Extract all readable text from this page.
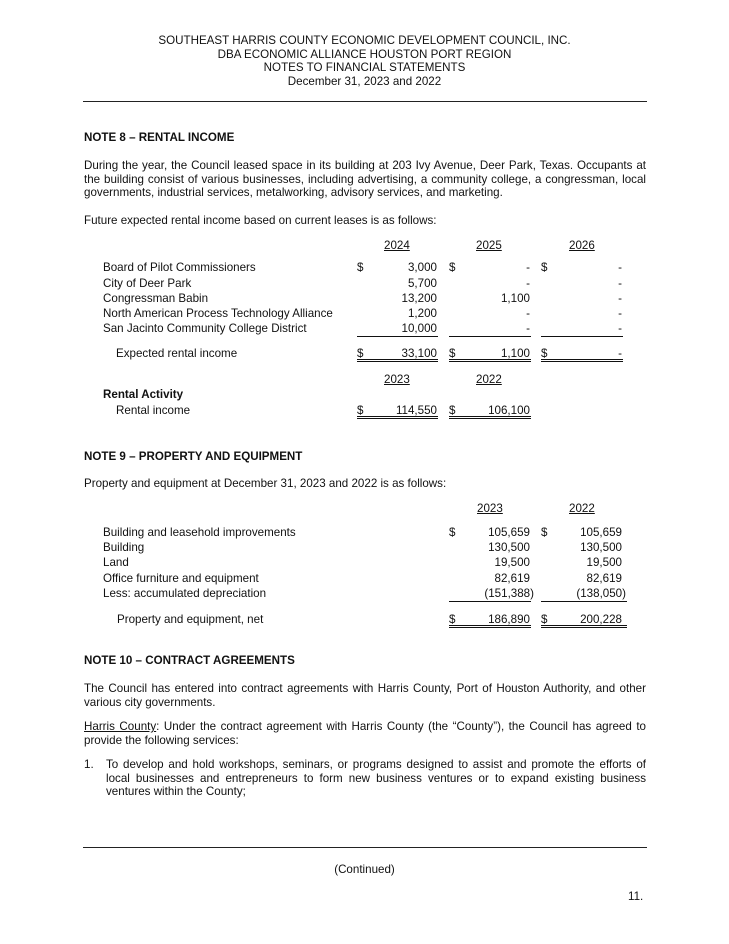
SOUTHEAST HARRIS COUNTY ECONOMIC DEVELOPMENT COUNCIL, INC.
DBA ECONOMIC ALLIANCE HOUSTON PORT REGION
NOTES TO FINANCIAL STATEMENTS
December 31, 2023 and 2022
NOTE 8 – RENTAL INCOME
During the year, the Council leased space in its building at 203 Ivy Avenue, Deer Park, Texas. Occupants at the building consist of various businesses, including advertising, a community college, a congressman, local governments, industrial services, metalworking, advisory services, and marketing.
Future expected rental income based on current leases is as follows:
2024	2025	2026
Board of Pilot Commissioners	$	3,000 $	- $	-
City of Deer Park	5,700	-	-
Congressman Babin	13,200	1,100	-
North American Process Technology Alliance	1,200	-	-
San Jacinto Community College District	10,000	-	-
Expected rental income	$	33,100 $	1,100 $	-
2023	2022
Rental Activity
Rental income	$	114,550 $	106,100
NOTE 9 – PROPERTY AND EQUIPMENT
Property and equipment at December 31, 2023 and 2022 is as follows:
2023	2022
Building and leasehold improvements	$	105,659 $	105,659
Building	130,500	130,500
Land	19,500	19,500
Office furniture and equipment	82,619	82,619
Less: accumulated depreciation	(151,388)	(138,050)
Property and equipment, net	$	186,890 $	200,228
NOTE 10 – CONTRACT AGREEMENTS
The Council has entered into contract agreements with Harris County, Port of Houston Authority, and other various city governments.
Harris County: Under the contract agreement with Harris County (the “County”), the Council has agreed to provide the following services:
1. To develop and hold workshops, seminars, or programs designed to assist and promote the efforts of local businesses and entrepreneurs to form new business ventures or to expand existing business ventures within the County;
(Continued)
11.
